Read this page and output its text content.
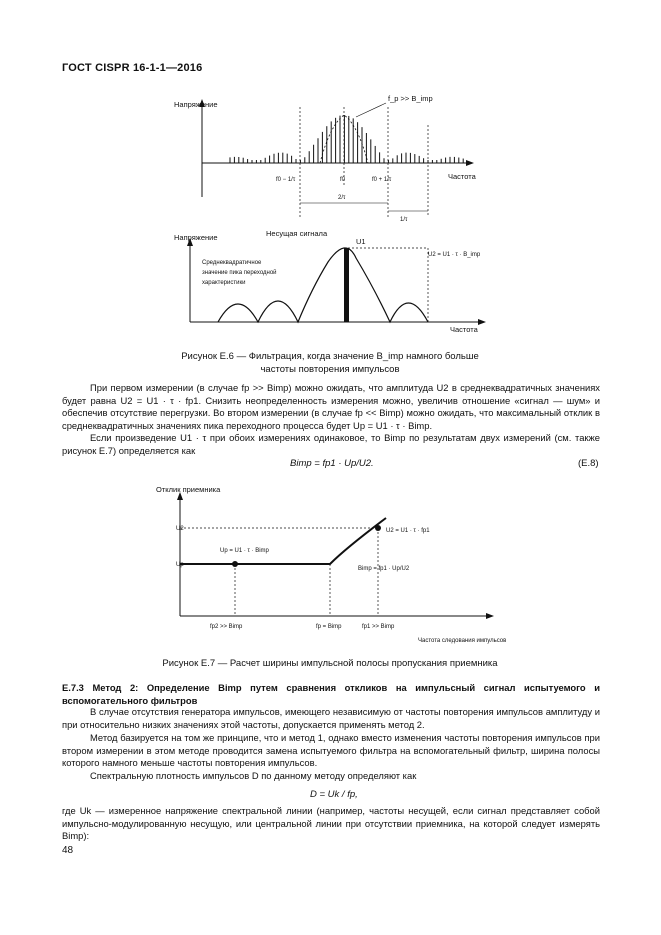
ГОСТ CISPR 16-1-1—2016
Напряжение
Частота
f_p >> B_imp
f0 − 1/τ	f0	f0 + 1/τ
2/τ
1/τ
Напряжение
Частота
Несущая сигнала
U1
U2 = U1 · τ · B_imp
Среднеквадратичное
значение пика переходной
характеристики
Рисунок Е.6 — Фильтрация, когда значение B_imp намного больше
частоты повторения импульсов
При первом измерении (в случае fp >> Bimp) можно ожидать, что амплитуда U2 в среднеквадратичных значениях будет равна U2 = U1 · τ · fp1. Снизить неопределенность измерения можно, увеличив отношение «сигнал — шум» и обеспечив отсутствие перегрузки. Во втором измерении (в случае fp << Bimp) можно ожидать, что максимальный отклик в среднеквадратичных значениях пика переходного процесса будет Up = U1 · τ · Bimp.
Если произведение U1 · τ при обоих измерениях одинаковое, то Bimp по результатам двух измерений (см. также рисунок Е.7) определяется как
Bimp = fp1 · Up/U2.	(Е.8)
Отклик приемника
Частота следования импульсов
U2
Up
Up = U1 · τ · Bimp
U2 = U1 · τ · fp1
Bimp = fp1 · Up/U2
fp2 >> Bimp	fp = Bimp	fp1 >> Bimp
Рисунок Е.7 — Расчет ширины импульсной полосы пропускания приемника
Е.7.3 Метод 2: Определение Bimp путем сравнения откликов на импульсный сигнал испытуемого и вспомогательного фильтров
В случае отсутствия генератора импульсов, имеющего независимую от частоты повторения импульсов амплитуду и при относительно низких значениях этой частоты, допускается применять метод 2.
Метод базируется на том же принципе, что и метод 1, однако вместо изменения частоты повторения импульсов при втором измерении в этом методе проводится замена испытуемого фильтра на вспомогательный фильтр, ширина полосы которого намного меньше частоты повторения импульсов.
Спектральную плотность импульсов D по данному методу определяют как
D = Uk / fp,
где Uk — измеренное напряжение спектральной линии (например, частоты несущей, если сигнал представляет собой импульсно-модулированную несущую, или центральной линии при отсутствии приемника, на которой следует измерять Bimp):
48
